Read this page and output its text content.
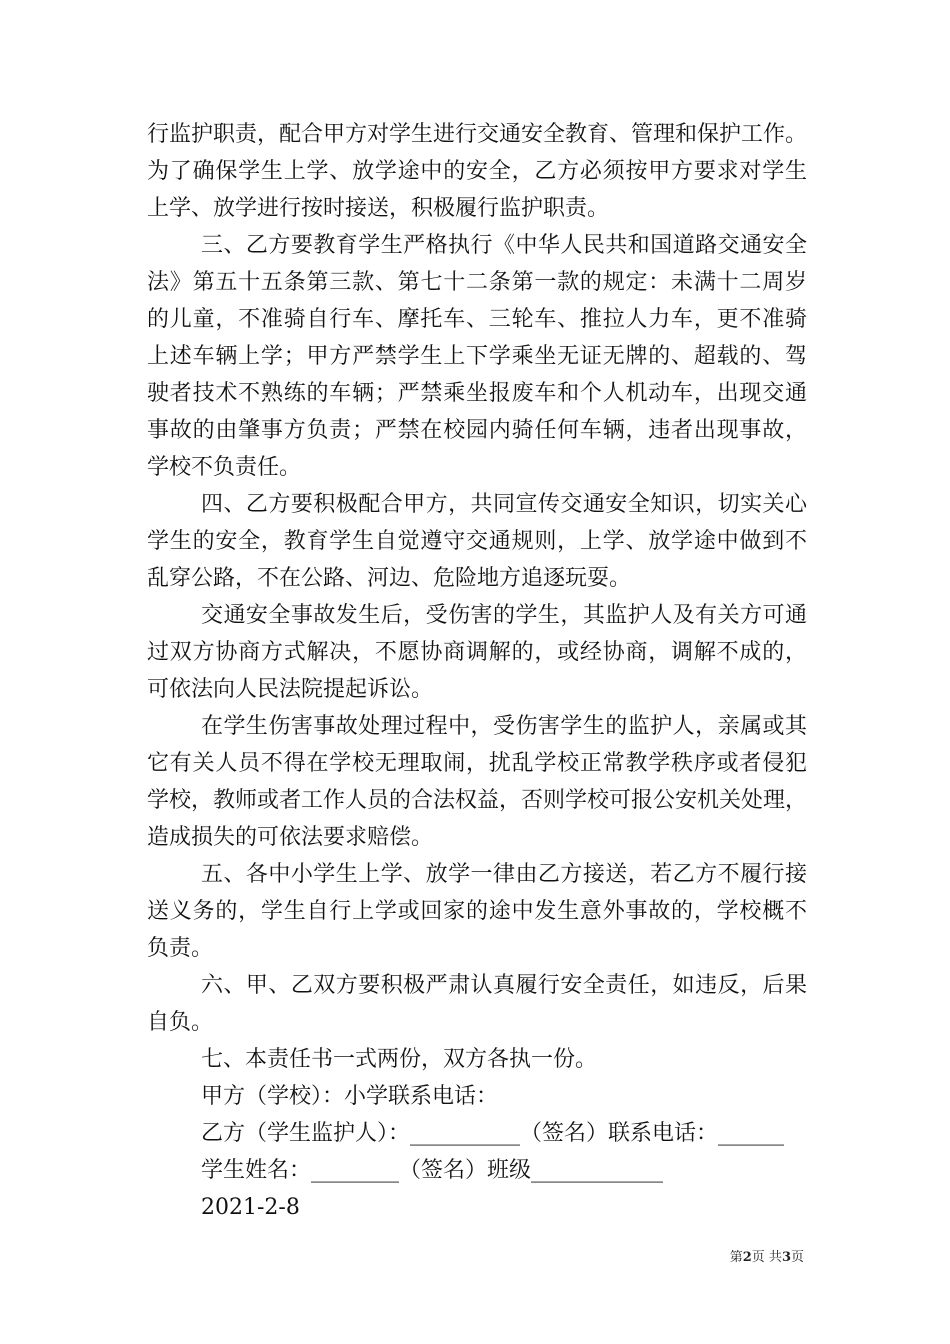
行监护职责，配合甲方对学生进行交通安全教育、管理和保护工作。
为了确保学生上学、放学途中的安全，乙方必须按甲方要求对学生
上学、放学进行按时接送，积极履行监护职责。
三、乙方要教育学生严格执行《中华人民共和国道路交通安全
法》第五十五条第三款、第七十二条第一款的规定：未满十二周岁
的儿童，不准骑自行车、摩托车、三轮车、推拉人力车，更不准骑
上述车辆上学；甲方严禁学生上下学乘坐无证无牌的、超载的、驾
驶者技术不熟练的车辆；严禁乘坐报废车和个人机动车，出现交通
事故的由肇事方负责；严禁在校园内骑任何车辆，违者出现事故，
学校不负责任。
四、乙方要积极配合甲方，共同宣传交通安全知识，切实关心
学生的安全，教育学生自觉遵守交通规则，上学、放学途中做到不
乱穿公路，不在公路、河边、危险地方追逐玩耍。
交通安全事故发生后，受伤害的学生，其监护人及有关方可通
过双方协商方式解决，不愿协商调解的，或经协商，调解不成的，
可依法向人民法院提起诉讼。
在学生伤害事故处理过程中，受伤害学生的监护人，亲属或其
它有关人员不得在学校无理取闹，扰乱学校正常教学秩序或者侵犯
学校，教师或者工作人员的合法权益，否则学校可报公安机关处理，
造成损失的可依法要求赔偿。
五、各中小学生上学、放学一律由乙方接送，若乙方不履行接
送义务的，学生自行上学或回家的途中发生意外事故的，学校概不
负责。
六、甲、乙双方要积极严肃认真履行安全责任，如违反，后果
自负。
七、本责任书一式两份，双方各执一份。
甲方（学校）：小学联系电话：
乙方（学生监护人）：__________（签名）联系电话：______
学生姓名：________（签名）班级____________
2021-2-8
第2页 共3页
